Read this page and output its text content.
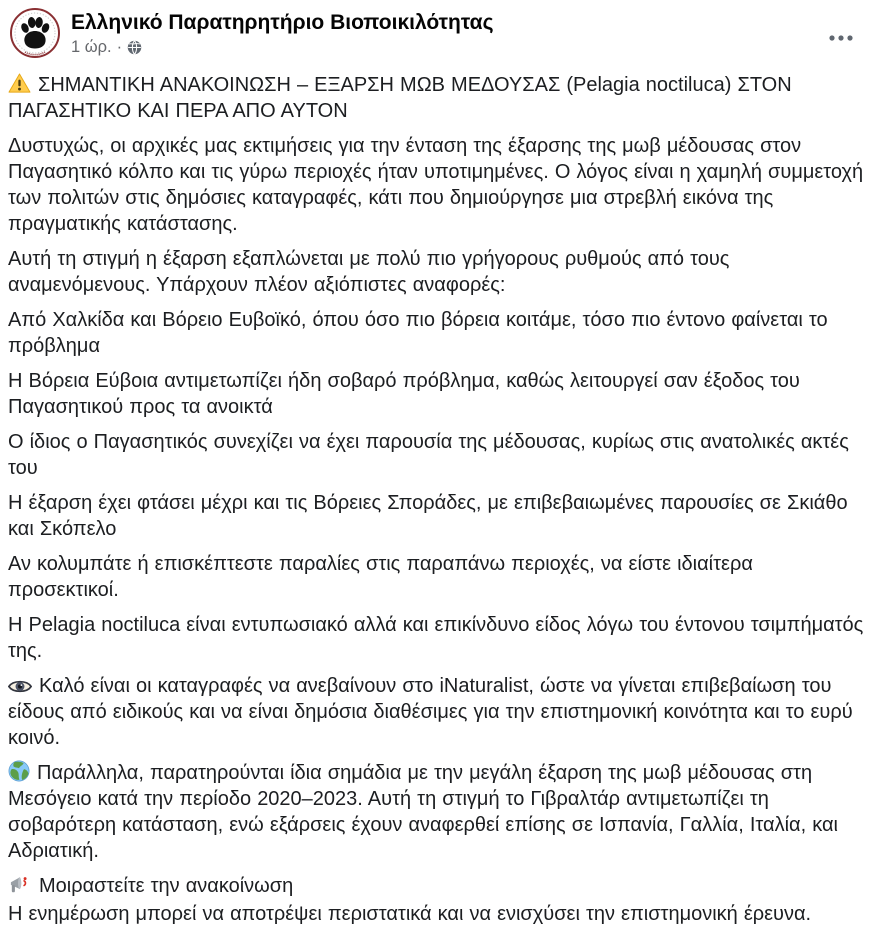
Ελληνικό Παρατηρητήριο Βιοποικιλότητας
1 ώρ. ·

ΣΗΜΑΝΤΙΚΗ ΑΝΑΚΟΙΝΩΣΗ – ΕΞΑΡΣΗ ΜΩΒ ΜΕΔΟΥΣΑΣ (Pelagia noctiluca) ΣΤΟΝ ΠΑΓΑΣΗΤΙΚΟ ΚΑΙ ΠΕΡΑ ΑΠΟ ΑΥΤΟΝ

Δυστυχώς, οι αρχικές μας εκτιμήσεις για την ένταση της έξαρσης της μωβ μέδουσας στον Παγασητικό κόλπο και τις γύρω περιοχές ήταν υποτιμημένες. Ο λόγος είναι η χαμηλή συμμετοχή των πολιτών στις δημόσιες καταγραφές, κάτι που δημιούργησε μια στρεβλή εικόνα της πραγματικής κατάστασης.

Αυτή τη στιγμή η έξαρση εξαπλώνεται με πολύ πιο γρήγορους ρυθμούς από τους αναμενόμενους. Υπάρχουν πλέον αξιόπιστες αναφορές:

Από Χαλκίδα και Βόρειο Ευβοϊκό, όπου όσο πιο βόρεια κοιτάμε, τόσο πιο έντονο φαίνεται το πρόβλημα

Η Βόρεια Εύβοια αντιμετωπίζει ήδη σοβαρό πρόβλημα, καθώς λειτουργεί σαν έξοδος του Παγασητικού προς τα ανοικτά

Ο ίδιος ο Παγασητικός συνεχίζει να έχει παρουσία της μέδουσας, κυρίως στις ανατολικές ακτές του

Η έξαρση έχει φτάσει μέχρι και τις Βόρειες Σποράδες, με επιβεβαιωμένες παρουσίες σε Σκιάθο και Σκόπελο

Αν κολυμπάτε ή επισκέπτεστε παραλίες στις παραπάνω περιοχές, να είστε ιδιαίτερα προσεκτικοί.

Η Pelagia noctiluca είναι εντυπωσιακό αλλά και επικίνδυνο είδος λόγω του έντονου τσιμπήματός της.

Καλό είναι οι καταγραφές να ανεβαίνουν στο iNaturalist, ώστε να γίνεται επιβεβαίωση του είδους από ειδικούς και να είναι δημόσια διαθέσιμες για την επιστημονική κοινότητα και το ευρύ κοινό.

Παράλληλα, παρατηρούνται ίδια σημάδια με την μεγάλη έξαρση της μωβ μέδουσας στη Μεσόγειο κατά την περίοδο 2020–2023. Αυτή τη στιγμή το Γιβραλτάρ αντιμετωπίζει τη σοβαρότερη κατάσταση, ενώ εξάρσεις έχουν αναφερθεί επίσης σε Ισπανία, Γαλλία, Ιταλία, και Αδριατική.

Μοιραστείτε την ανακοίνωση

Η ενημέρωση μπορεί να αποτρέψει περιστατικά και να ενισχύσει την επιστημονική έρευνα.
